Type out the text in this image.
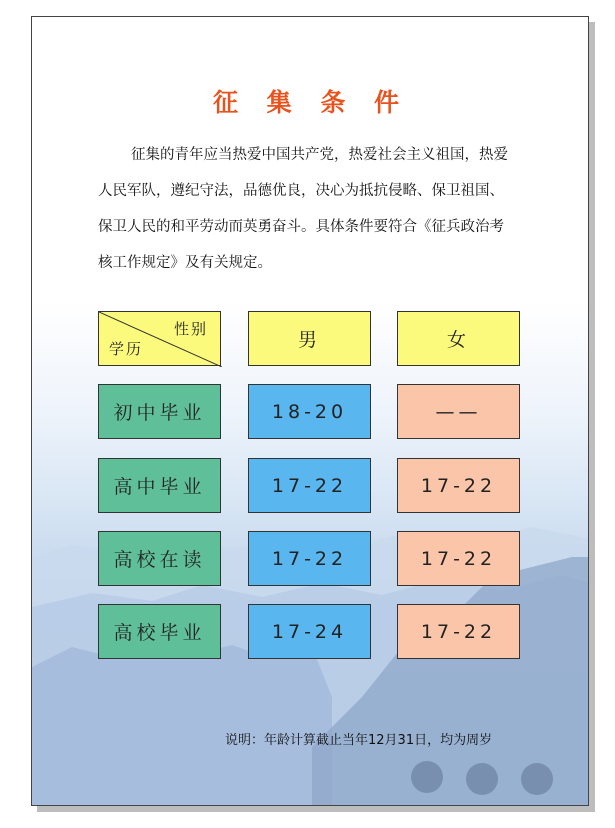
征 集 条 件
征集的青年应当热爱中国共产党，热爱社会主义祖国，热爱
人民军队，遵纪守法，品德优良，决心为抵抗侵略、保卫祖国、
保卫人民的和平劳动而英勇奋斗。具体条件要符合《征兵政治考
核工作规定》及有关规定。
性别
学历	男	女
初中毕业	18-20	——
高中毕业	17-22	17-22
高校在读	17-22	17-22
高校毕业	17-24	17-22
说明：年龄计算截止当年12月31日，均为周岁
